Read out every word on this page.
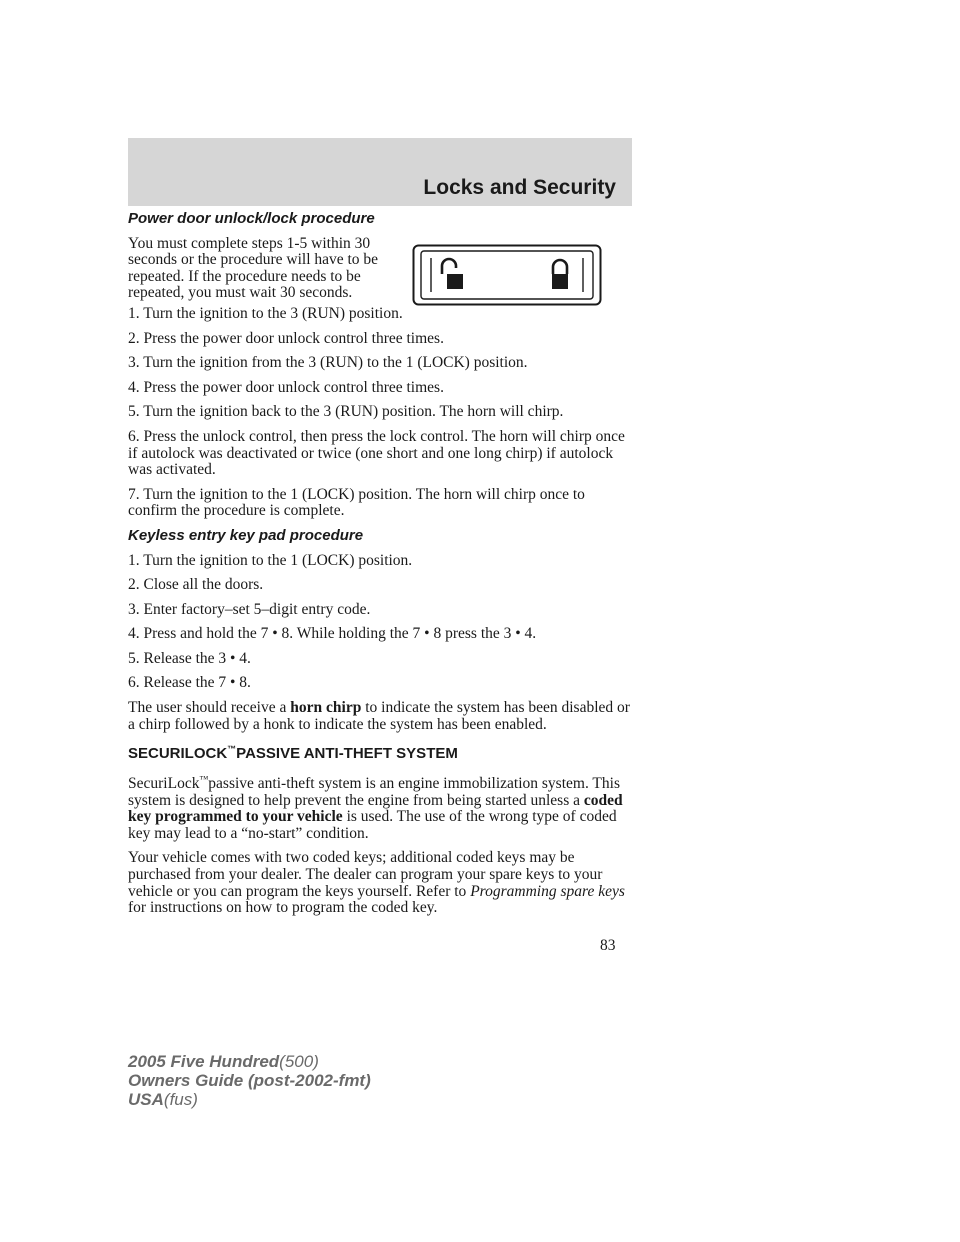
Locks and Security

Power door unlock/lock procedure

You must complete steps 1-5 within 30 seconds or the procedure will have to be repeated. If the procedure needs to be repeated, you must wait 30 seconds.

1. Turn the ignition to the 3 (RUN) position.

2. Press the power door unlock control three times.

3. Turn the ignition from the 3 (RUN) to the 1 (LOCK) position.

4. Press the power door unlock control three times.

5. Turn the ignition back to the 3 (RUN) position. The horn will chirp.

6. Press the unlock control, then press the lock control. The horn will chirp once if autolock was deactivated or twice (one short and one long chirp) if autolock was activated.

7. Turn the ignition to the 1 (LOCK) position. The horn will chirp once to confirm the procedure is complete.

Keyless entry key pad procedure

1. Turn the ignition to the 1 (LOCK) position.

2. Close all the doors.

3. Enter factory–set 5–digit entry code.

4. Press and hold the 7 • 8. While holding the 7 • 8 press the 3 • 4.

5. Release the 3 • 4.

6. Release the 7 • 8.

The user should receive a horn chirp to indicate the system has been disabled or a chirp followed by a honk to indicate the system has been enabled.

SECURILOCK™PASSIVE ANTI-THEFT SYSTEM

SecuriLock™passive anti-theft system is an engine immobilization system. This system is designed to help prevent the engine from being started unless a coded key programmed to your vehicle is used. The use of the wrong type of coded key may lead to a “no-start” condition.

Your vehicle comes with two coded keys; additional coded keys may be purchased from your dealer. The dealer can program your spare keys to your vehicle or you can program the keys yourself. Refer to Programming spare keys for instructions on how to program the coded key.

83
2005 Five Hundred(500)
Owners Guide (post-2002-fmt)
USA(fus)
